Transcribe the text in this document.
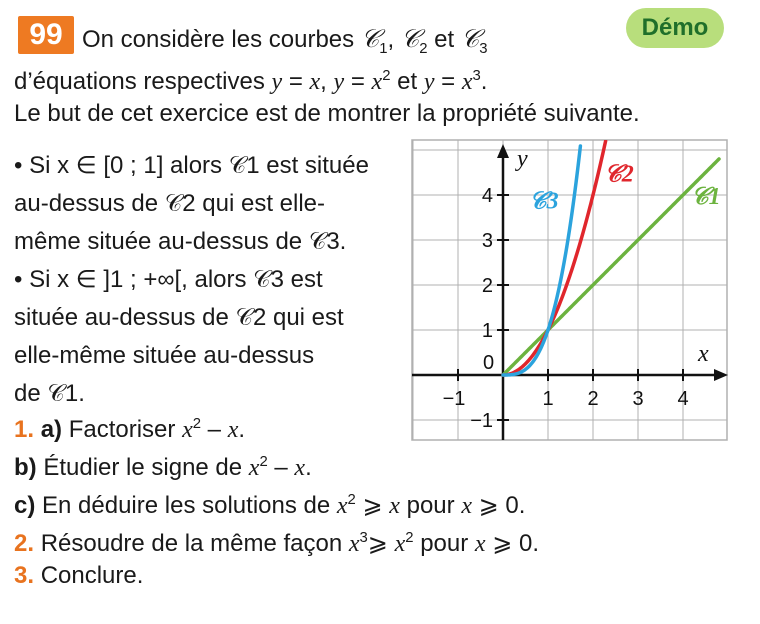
99	Démo
On considère les courbes 𝒞$_1$, 𝒞$_2$ et 𝒞$_3$
d’équations respectives y = x, $y = x^2$ et $y = x^3$.
Le but de cet exercice est de montrer la propriété suivante.
• Si x ∈ [0 ; 1] alors 𝒞1 est située
au-dessus de 𝒞2 qui est elle-
même située au-dessus de 𝒞3.
• Si x ∈ ]1 ; +∞[, alors 𝒞3 est
située au-dessus de 𝒞2 qui est
elle-même située au-dessus
de 𝒞1.
1. a) Factoriser $x^2$ – x.
b) Étudier le signe de $x^2$ – x.
c) En déduire les solutions de $x^2$ ⩾ x pour x ⩾ 0.
2. Résoudre de la même façon $x^3⩾$ $x^2$ pour x ⩾ 0.
3. Conclure.
−1
−1
1
1
2
2
3
3
4
4
0	x
y
𝒞1
𝒞2
𝒞3
